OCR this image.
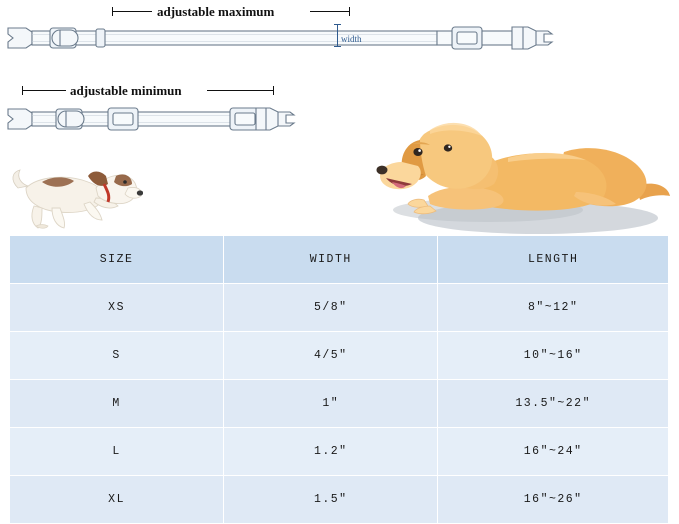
adjustable maximum
width
adjustable minimun
SIZE	WIDTH	LENGTH
XS	5/8"	8"~12"
S	4/5"	10"~16"
M	1"	13.5"~22"
L	1.2"	16"~24"
XL	1.5"	16"~26"
